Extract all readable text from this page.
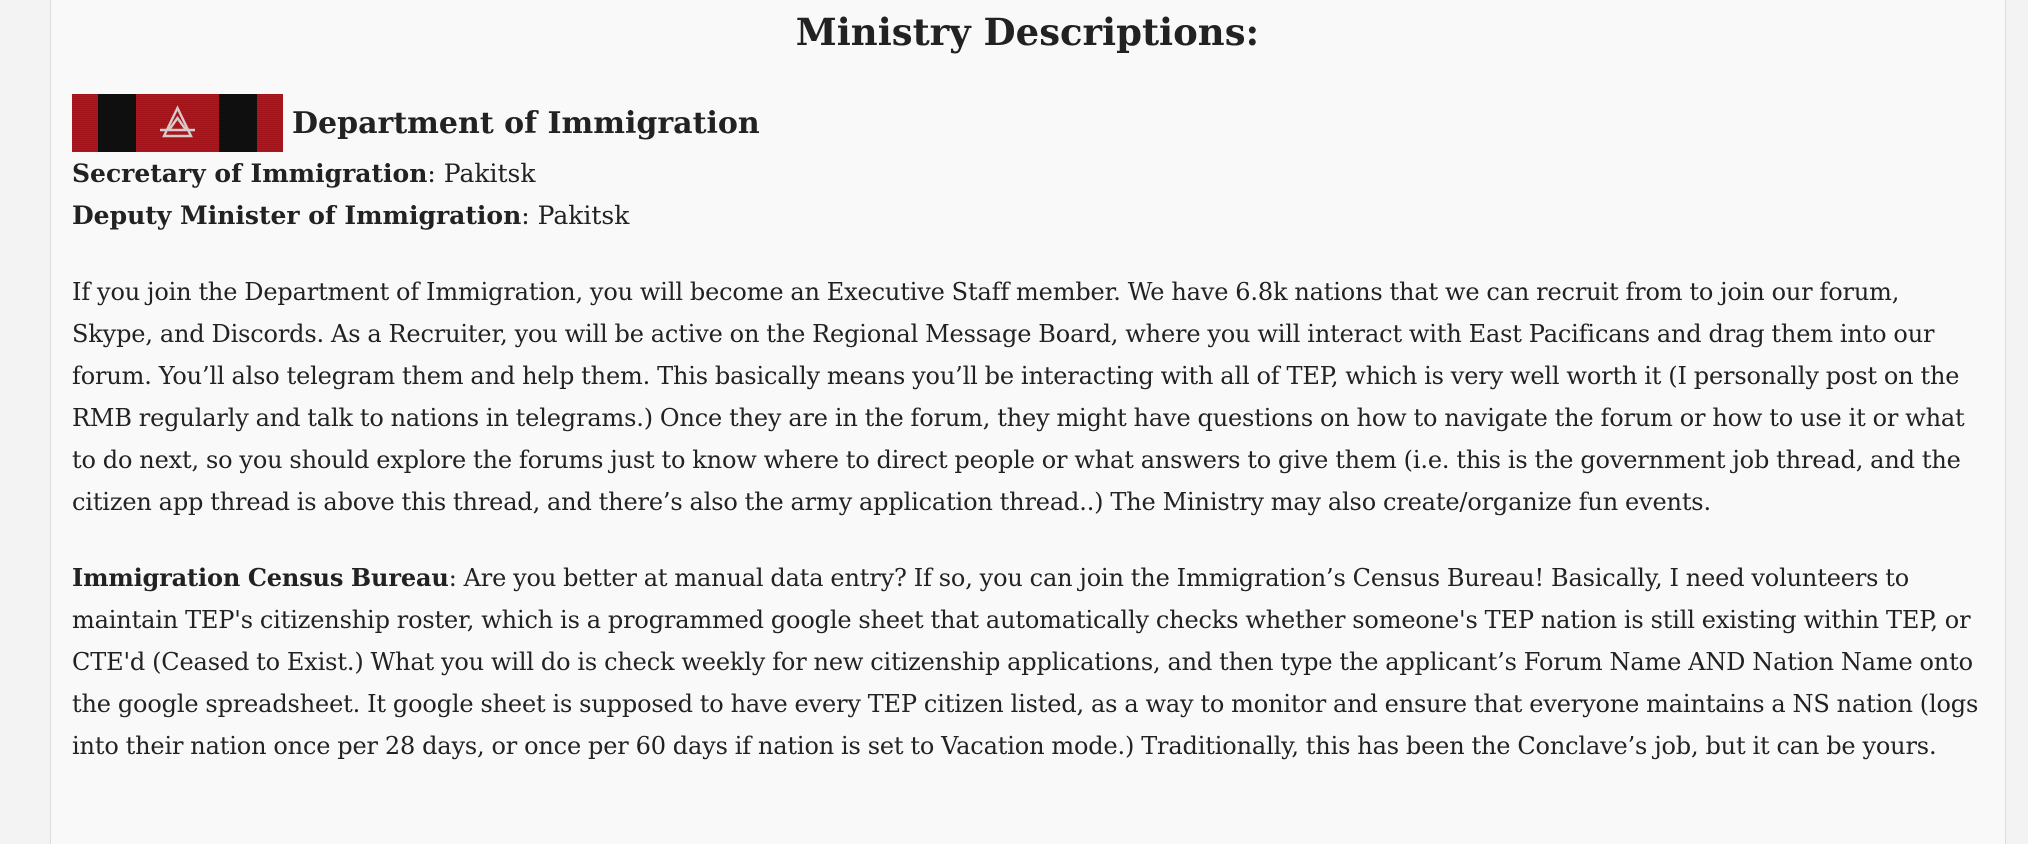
Ministry Descriptions:
Department of Immigration

Secretary of Immigration: Pakitsk

Deputy Minister of Immigration: Pakitsk

If you join the Department of Immigration, you will become an Executive Staff member. We have 6.8k nations that we can recruit from to join our forum, Skype, and Discords. As a Recruiter, you will be active on the Regional Message Board, where you will interact with East Pacificans and drag them into our forum. You’ll also telegram them and help them. This basically means you’ll be interacting with all of TEP, which is very well worth it (I personally post on the RMB regularly and talk to nations in telegrams.) Once they are in the forum, they might have questions on how to navigate the forum or how to use it or what to do next, so you should explore the forums just to know where to direct people or what answers to give them (i.e. this is the government job thread, and the citizen app thread is above this thread, and there’s also the army application thread..) The Ministry may also create/organize fun events.

Immigration Census Bureau: Are you better at manual data entry? If so, you can join the Immigration’s Census Bureau! Basically, I need volunteers to maintain TEP's citizenship roster, which is a programmed google sheet that automatically checks whether someone's TEP nation is still existing within TEP, or CTE'd (Ceased to Exist.) What you will do is check weekly for new citizenship applications, and then type the applicant’s Forum Name AND Nation Name onto the google spreadsheet. It google sheet is supposed to have every TEP citizen listed, as a way to monitor and ensure that everyone maintains a NS nation (logs into their nation once per 28 days, or once per 60 days if nation is set to Vacation mode.) Traditionally, this has been the Conclave’s job, but it can be yours.
